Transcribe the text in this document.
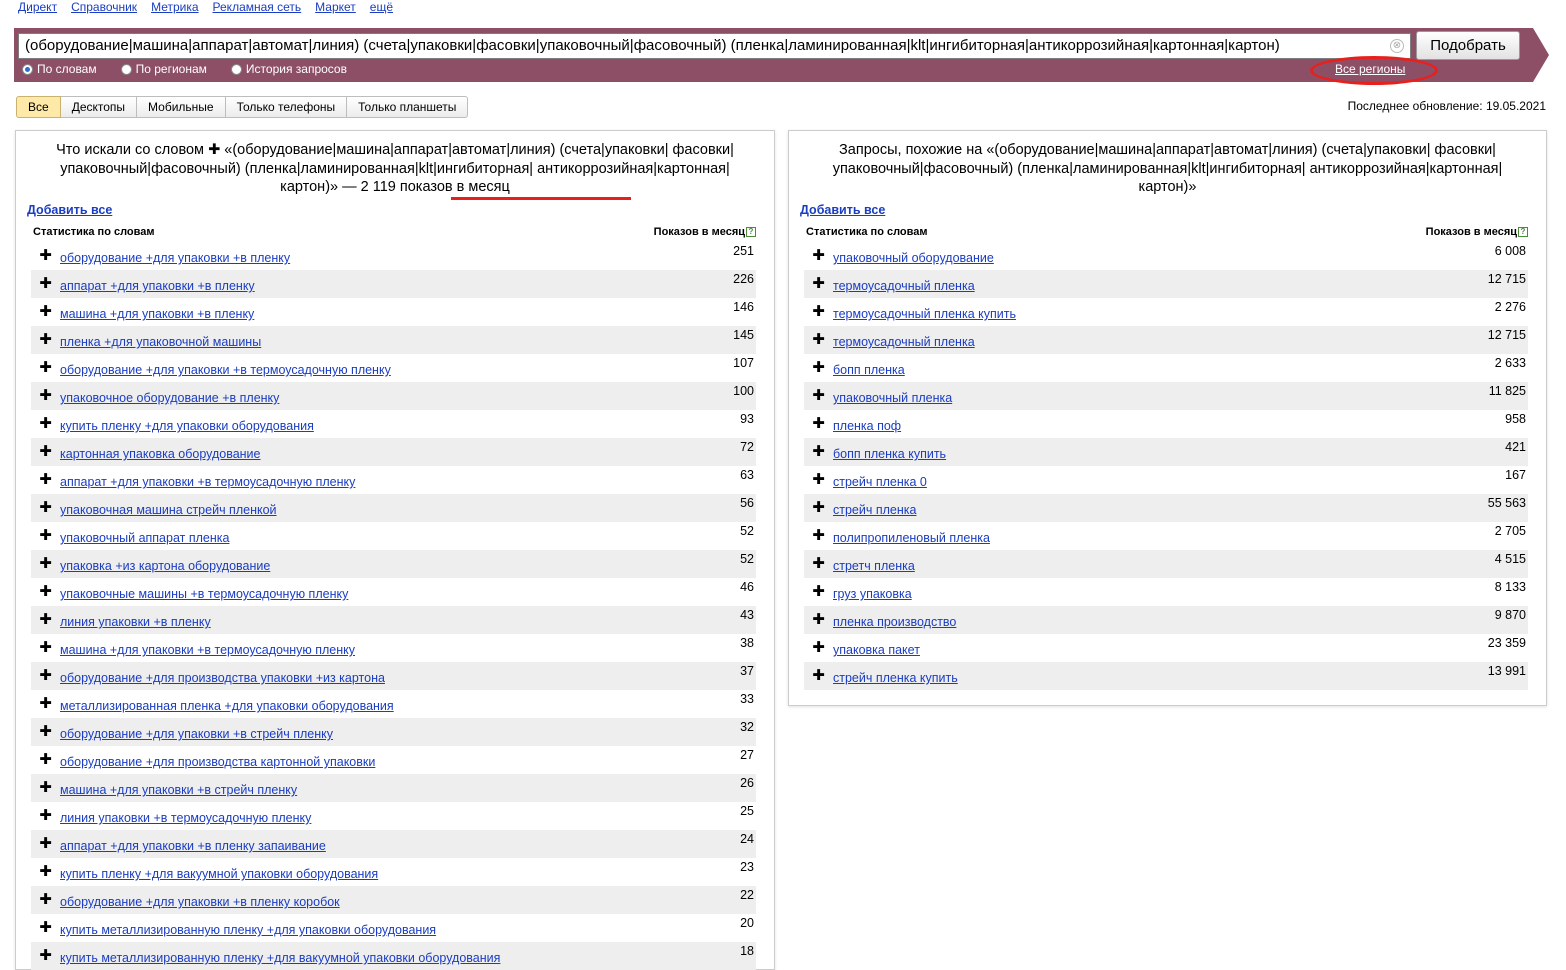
Директ Справочник Метрика Рекламная сеть Маркет ещё
(оборудование|машина|аппарат|автомат|линия) (счета|упаковки|фасовки|упаковочный|фасовочный) (пленка|ламинированная|klt|ингибиторная|антикоррозийная|картонная|картон)	⊗	Подобрать
По словам	По регионам	История запросов	Все регионы
Все	Десктопы	Мобильные	Только телефоны	Только планшеты	Последнее обновление: 19.05.2021
Что искали со словом ✚ «(оборудование|машина|аппарат|автомат|линия) (счета|упаковки| фасовки|упаковочный|фасовочный) (пленка|ламинированная|klt|ингибиторная| антикоррозийная|картонная|картон)» — 2 119 показов в месяц
Добавить все
Статистика по словам	Показов в месяц ?
✚ оборудование +для упаковки +в пленку	251
✚ аппарат +для упаковки +в пленку	226
✚ машина +для упаковки +в пленку	146
✚ пленка +для упаковочной машины	145
✚ оборудование +для упаковки +в термоусадочную пленку	107
✚ упаковочное оборудование +в пленку	100
✚ купить пленку +для упаковки оборудования	93
✚ картонная упаковка оборудование	72
✚ аппарат +для упаковки +в термоусадочную пленку	63
✚ упаковочная машина стрейч пленкой	56
✚ упаковочный аппарат пленка	52
✚ упаковка +из картона оборудование	52
✚ упаковочные машины +в термоусадочную пленку	46
✚ линия упаковки +в пленку	43
✚ машина +для упаковки +в термоусадочную пленку	38
✚ оборудование +для производства упаковки +из картона	37
✚ металлизированная пленка +для упаковки оборудования	33
✚ оборудование +для упаковки +в стрейч пленку	32
✚ оборудование +для производства картонной упаковки	27
✚ машина +для упаковки +в стрейч пленку	26
✚ линия упаковки +в термоусадочную пленку	25
✚ аппарат +для упаковки +в пленку запаивание	24
✚ купить пленку +для вакуумной упаковки оборудования	23
✚ оборудование +для упаковки +в пленку коробок	22
✚ купить металлизированную пленку +для упаковки оборудования	20
✚ купить металлизированную пленку +для вакуумной упаковки оборудования	18
Запросы, похожие на «(оборудование|машина|аппарат|автомат|линия) (счета|упаковки| фасовки|упаковочный|фасовочный) (пленка|ламинированная|klt|ингибиторная| антикоррозийная|картонная|картон)»
Добавить все
Статистика по словам	Показов в месяц ?
✚ упаковочный оборудование	6 008
✚ термоусадочный пленка	12 715
✚ термоусадочный пленка купить	2 276
✚ термоусадочный пленка	12 715
✚ бопп пленка	2 633
✚ упаковочный пленка	11 825
✚ пленка поф	958
✚ бопп пленка купить	421
✚ стрейч пленка 0	167
✚ стрейч пленка	55 563
✚ полипропиленовый пленка	2 705
✚ стретч пленка	4 515
✚ груз упаковка	8 133
✚ пленка производство	9 870
✚ упаковка пакет	23 359
✚ стрейч пленка купить	13 991
